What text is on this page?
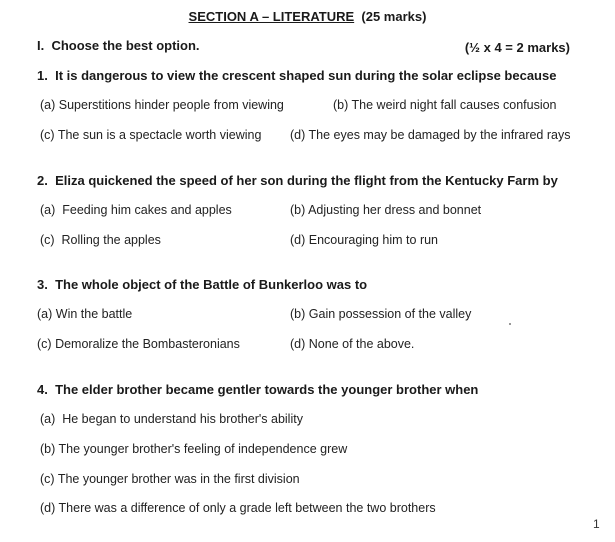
SECTION A – LITERATURE (25 marks)
I. Choose the best option.	(½ x 4 = 2 marks)
1. It is dangerous to view the crescent shaped sun during the solar eclipse because
(a) Superstitions hinder people from viewing	(b) The weird night fall causes confusion
(c) The sun is a spectacle worth viewing (d) The eyes may be damaged by the infrared rays
2. Eliza quickened the speed of her son during the flight from the Kentucky Farm by
(a) Feeding him cakes and apples	(b) Adjusting her dress and bonnet
(c) Rolling the apples	(d) Encouraging him to run
3. The whole object of the Battle of Bunkerloo was to
(a) Win the battle	(b) Gain possession of the valley
(c) Demoralize the Bombasteronians	(d) None of the above.
4. The elder brother became gentler towards the younger brother when
(a) He began to understand his brother's ability
(b) The younger brother's feeling of independence grew
(c) The younger brother was in the first division
(d) There was a difference of only a grade left between the two brothers
1
